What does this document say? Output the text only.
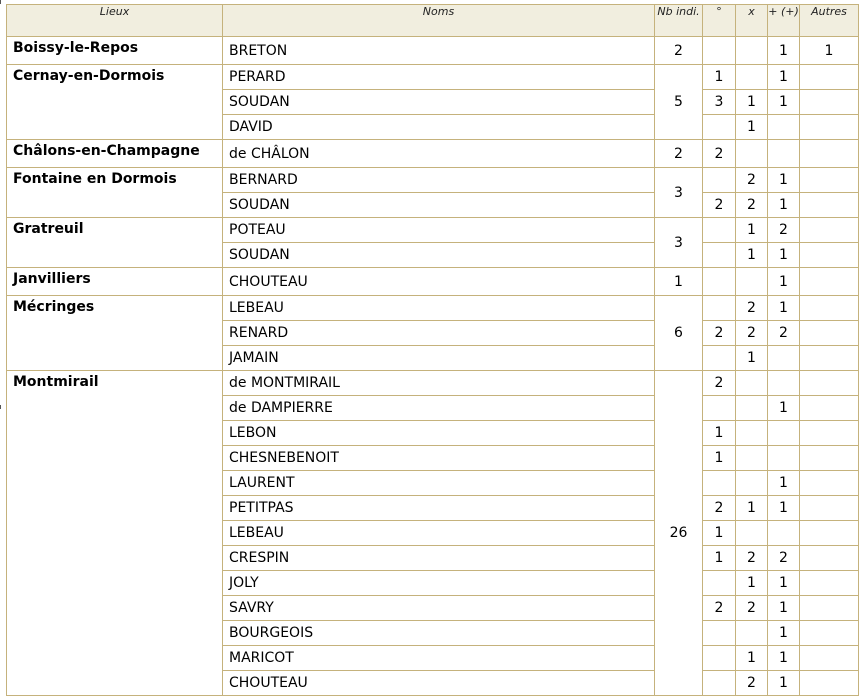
Lieux	Noms	Nb indi.	°	x	+ (+)	Autres
Boissy-le-Repos	BRETON	2			1	1
Cernay-en-Dormois	PERARD	5	1		1	
	SOUDAN		3	1	1	
	DAVID			1		
Châlons-en-Champagne	de CHÂLON	2	2			
Fontaine en Dormois	BERNARD	3		2	1	
	SOUDAN		2	2	1	
Gratreuil	POTEAU	3		1	2	
	SOUDAN			1	1	
Janvilliers	CHOUTEAU	1			1	
Mécringes	LEBEAU	6		2	1	
	RENARD		2	2	2	
	JAMAIN			1		
Montmirail	de MONTMIRAIL	26	2			
	de DAMPIERRE				1	
	LEBON		1			
	CHESNEBENOIT		1			
	LAURENT				1	
	PETITPAS		2	1	1	
	LEBEAU		1			
	CRESPIN		1	2	2	
	JOLY			1	1	
	SAVRY		2	2	1	
	BOURGEOIS				1	
	MARICOT			1	1	
	CHOUTEAU			2	1	
